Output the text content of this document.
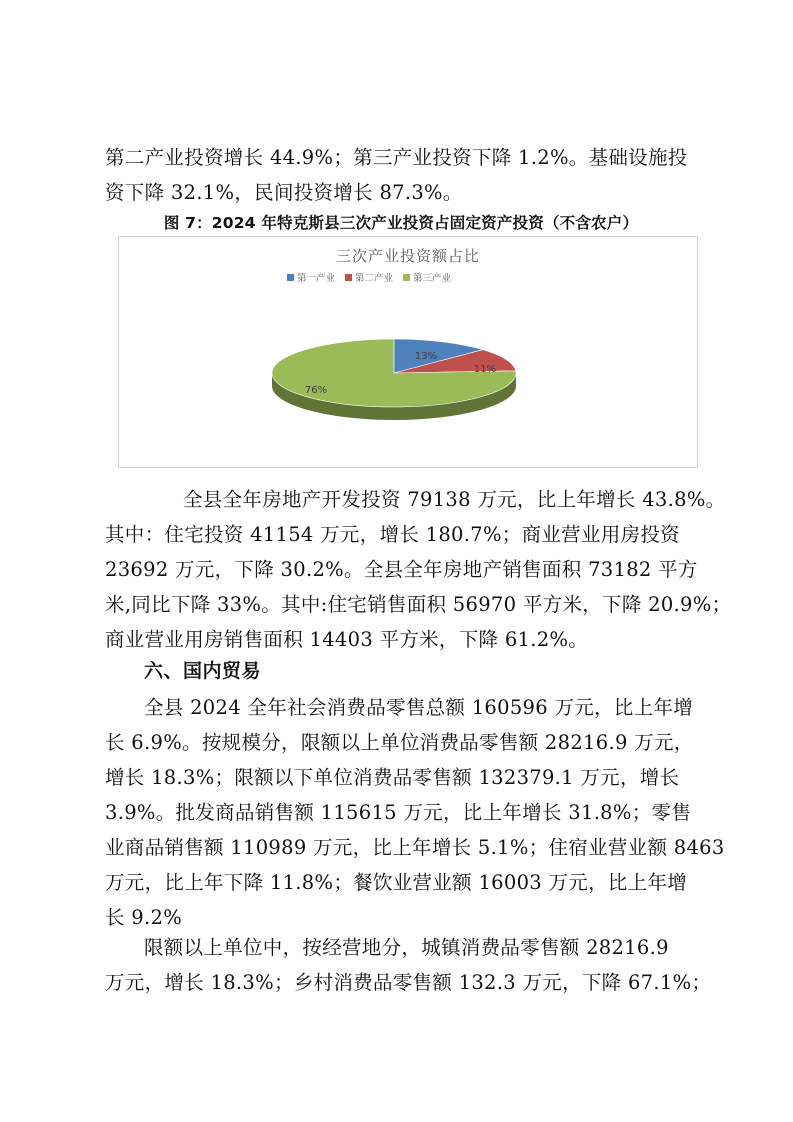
第二产业投资增长 44.9%；第三产业投资下降 1.2%。基础设施投
资下降 32.1%，民间投资增长 87.3%。

图 7：2024 年特克斯县三次产业投资占固定资产投资（不含农户）
三次产业投资额占比
第一产业 第二产业 第三产业
13%
11%
76%

全县全年房地产开发投资 79138 万元，比上年增长 43.8%。
其中：住宅投资 41154 万元，增长 180.7%；商业营业用房投资
23692 万元，下降 30.2%。全县全年房地产销售面积 73182 平方
米,同比下降 33%。其中:住宅销售面积 56970 平方米，下降 20.9%；
商业营业用房销售面积 14403 平方米，下降 61.2%。

六、国内贸易

全县 2024 全年社会消费品零售总额 160596 万元，比上年增
长 6.9%。按规模分，限额以上单位消费品零售额 28216.9 万元，
增长 18.3%；限额以下单位消费品零售额 132379.1 万元，增长
3.9%。批发商品销售额 115615 万元，比上年增长 31.8%；零售
业商品销售额 110989 万元，比上年增长 5.1%；住宿业营业额 8463
万元，比上年下降 11.8%；餐饮业营业额 16003 万元，比上年增
长 9.2%

限额以上单位中，按经营地分，城镇消费品零售额 28216.9
万元，增长 18.3%；乡村消费品零售额 132.3 万元，下降 67.1%；
